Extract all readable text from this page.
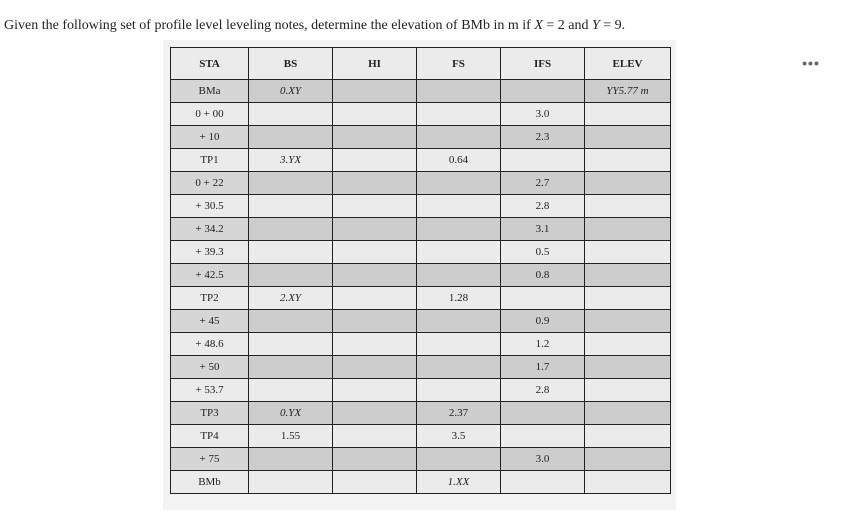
Given the following set of profile level leveling notes, determine the elevation of BMb in m if X = 2 and Y = 9.
•••
STA	BS	HI	FS	IFS	ELEV
BMa	0.XY				YY5.77 m
0 + 00				3.0	
+ 10				2.3	
TP1	3.YX		0.64		
0 + 22				2.7	
+ 30.5				2.8	
+ 34.2				3.1	
+ 39.3				0.5	
+ 42.5				0.8	
TP2	2.XY		1.28		
+ 45				0.9	
+ 48.6				1.2	
+ 50				1.7	
+ 53.7				2.8	
TP3	0.YX		2.37		
TP4	1.55		3.5		
+ 75				3.0	
BMb			1.XX		
